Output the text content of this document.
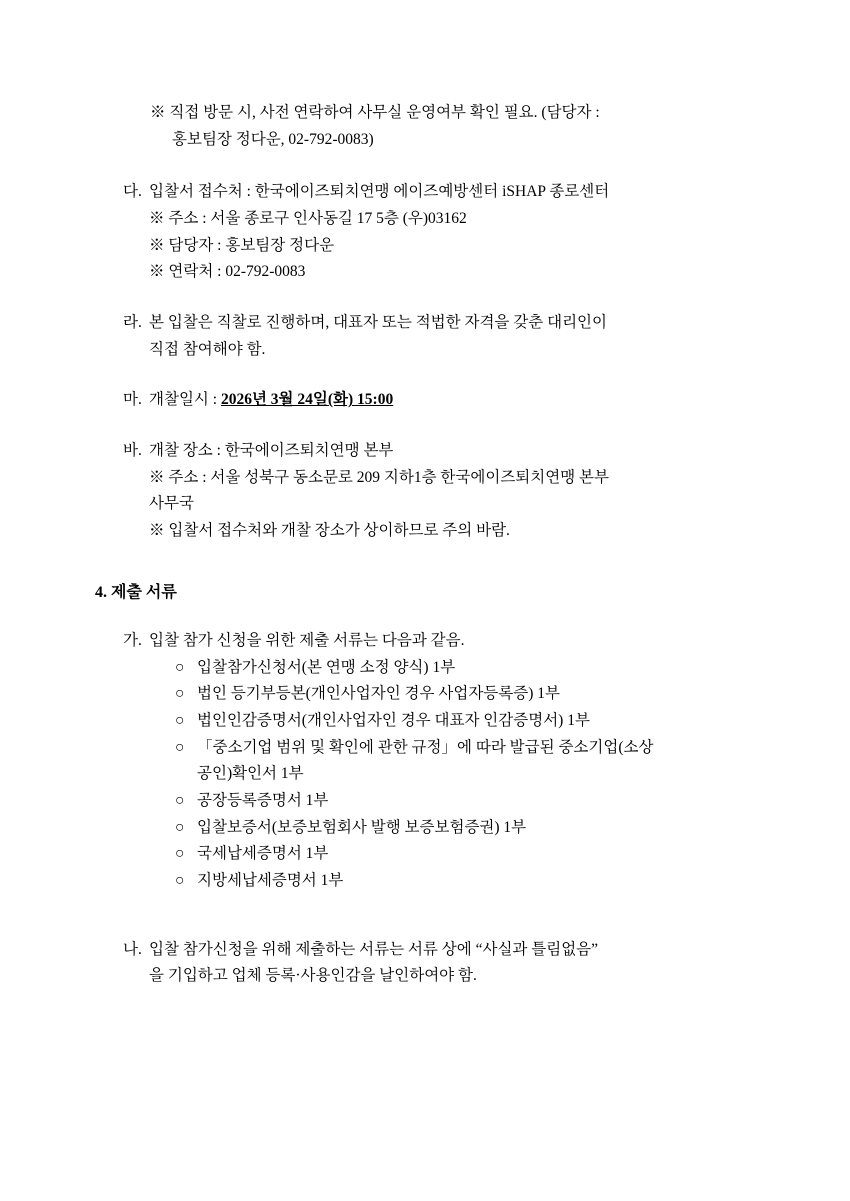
※ 직접 방문 시, 사전 연락하여 사무실 운영여부 확인 필요. (담당자 :
홍보팀장 정다운, 02-792-0083)
다. 입찰서 접수처 : 한국에이즈퇴치연맹 에이즈예방센터 iSHAP 종로센터
※ 주소 : 서울 종로구 인사동길 17 5층 (우)03162
※ 담당자 : 홍보팀장 정다운
※ 연락처 : 02-792-0083
라. 본 입찰은 직찰로 진행하며, 대표자 또는 적법한 자격을 갖춘 대리인이
직접 참여해야 함.
마. 개찰일시 : 2026년 3월 24일(화) 15:00
바. 개찰 장소 : 한국에이즈퇴치연맹 본부
※ 주소 : 서울 성북구 동소문로 209 지하1층 한국에이즈퇴치연맹 본부
사무국
※ 입찰서 접수처와 개찰 장소가 상이하므로 주의 바람.
4. 제출 서류
가. 입찰 참가 신청을 위한 제출 서류는 다음과 같음.
○ 입찰참가신청서(본 연맹 소정 양식) 1부
○ 법인 등기부등본(개인사업자인 경우 사업자등록증) 1부
○ 법인인감증명서(개인사업자인 경우 대표자 인감증명서) 1부
○ 「중소기업 범위 및 확인에 관한 규정」에 따라 발급된 중소기업(소상
공인)확인서 1부
○ 공장등록증명서 1부
○ 입찰보증서(보증보험회사 발행 보증보험증권) 1부
○ 국세납세증명서 1부
○ 지방세납세증명서 1부
나. 입찰 참가신청을 위해 제출하는 서류는 서류 상에 “사실과 틀림없음”
을 기입하고 업체 등록·사용인감을 날인하여야 함.
